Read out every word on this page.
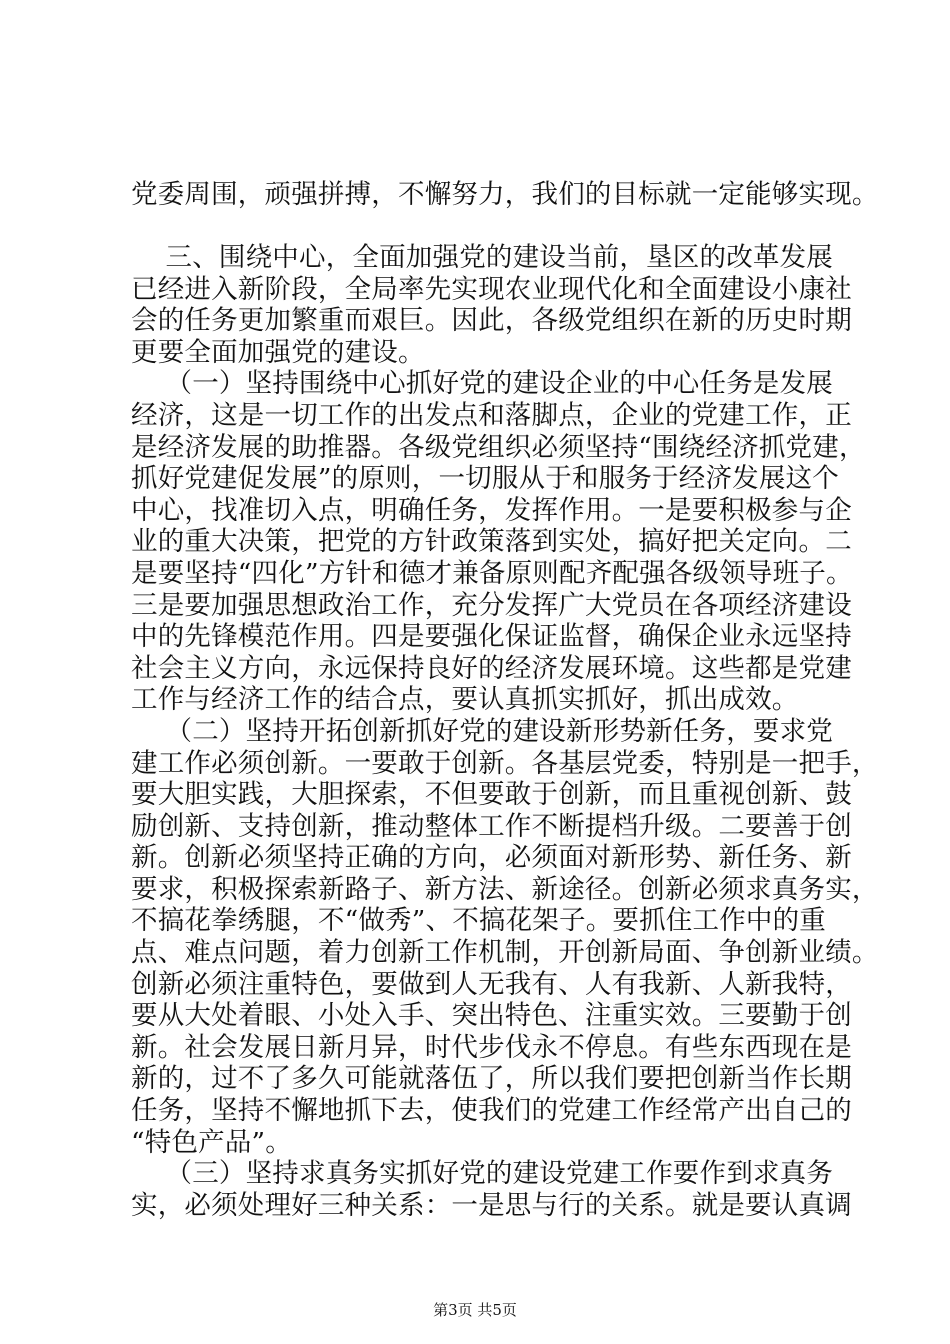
党委周围，顽强拼搏，不懈努力，我们的目标就一定能够实现。
三、围绕中心，全面加强党的建设当前，垦区的改革发展
已经进入新阶段，全局率先实现农业现代化和全面建设小康社
会的任务更加繁重而艰巨。因此，各级党组织在新的历史时期
更要全面加强党的建设。
（一）坚持围绕中心抓好党的建设企业的中心任务是发展
经济，这是一切工作的出发点和落脚点，企业的党建工作，正
是经济发展的助推器。各级党组织必须坚持“围绕经济抓党建，
抓好党建促发展”的原则，一切服从于和服务于经济发展这个
中心，找准切入点，明确任务，发挥作用。一是要积极参与企
业的重大决策，把党的方针政策落到实处，搞好把关定向。二
是要坚持“四化”方针和德才兼备原则配齐配强各级领导班子。
三是要加强思想政治工作，充分发挥广大党员在各项经济建设
中的先锋模范作用。四是要强化保证监督，确保企业永远坚持
社会主义方向，永远保持良好的经济发展环境。这些都是党建
工作与经济工作的结合点，要认真抓实抓好，抓出成效。
（二）坚持开拓创新抓好党的建设新形势新任务，要求党
建工作必须创新。一要敢于创新。各基层党委，特别是一把手，
要大胆实践，大胆探索，不但要敢于创新，而且重视创新、鼓
励创新、支持创新，推动整体工作不断提档升级。二要善于创
新。创新必须坚持正确的方向，必须面对新形势、新任务、新
要求，积极探索新路子、新方法、新途径。创新必须求真务实，
不搞花拳绣腿，不“做秀”、不搞花架子。要抓住工作中的重
点、难点问题，着力创新工作机制，开创新局面、争创新业绩。
创新必须注重特色，要做到人无我有、人有我新、人新我特，
要从大处着眼、小处入手、突出特色、注重实效。三要勤于创
新。社会发展日新月异，时代步伐永不停息。有些东西现在是
新的，过不了多久可能就落伍了，所以我们要把创新当作长期
任务，坚持不懈地抓下去，使我们的党建工作经常产出自己的
“特色产品”。
（三）坚持求真务实抓好党的建设党建工作要作到求真务
实，必须处理好三种关系：一是思与行的关系。就是要认真调
第3页 共5页
